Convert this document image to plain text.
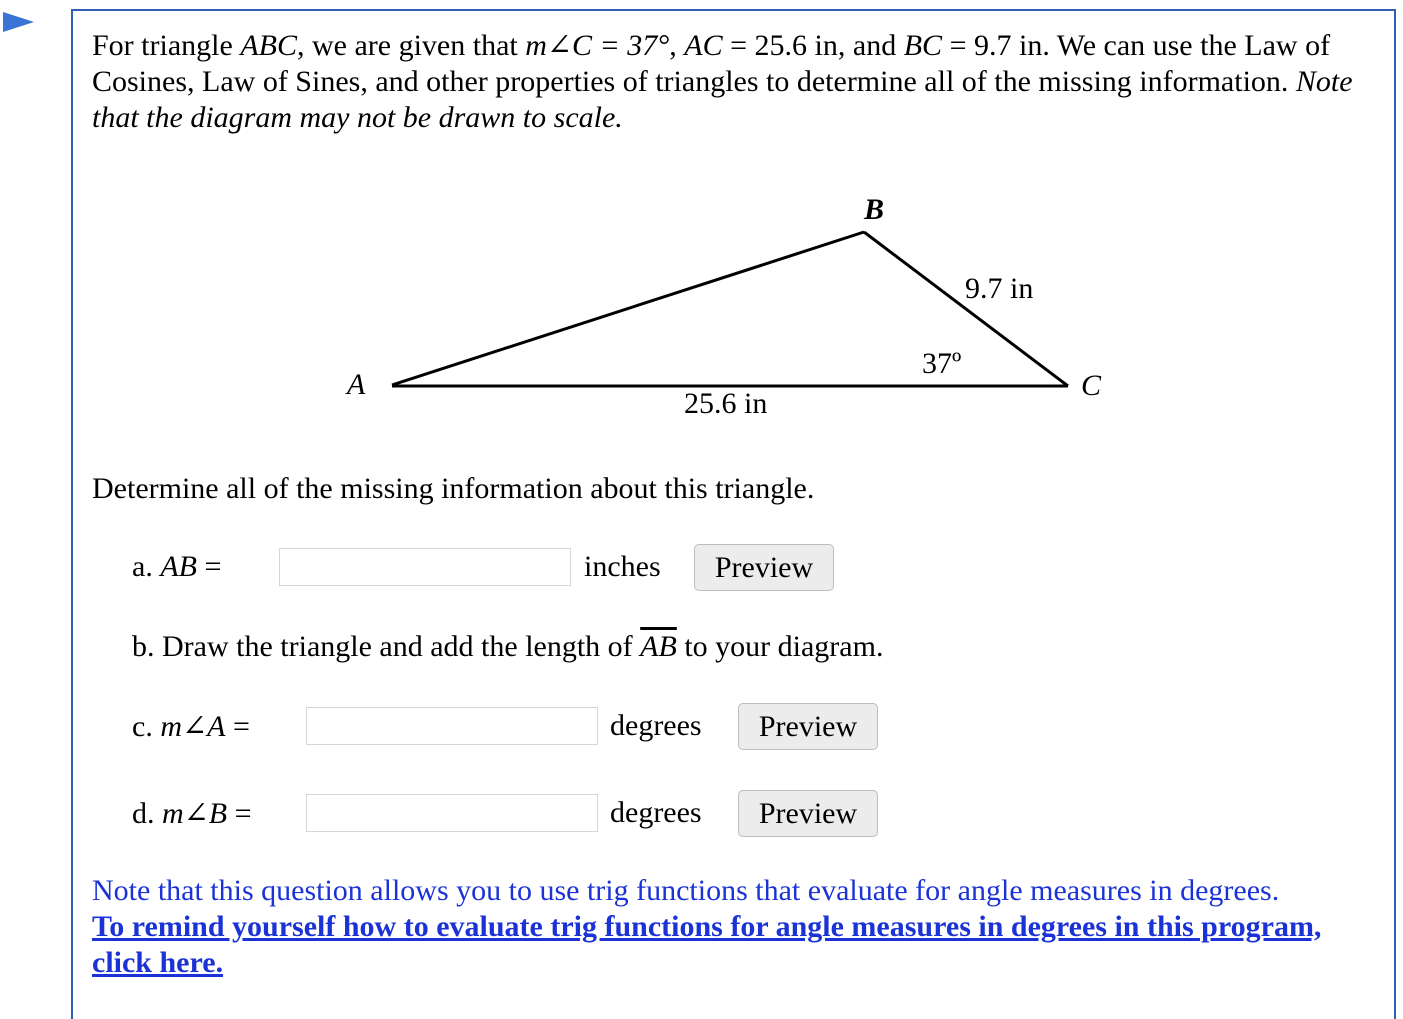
For triangle ABC, we are given that m∠C = 37°, AC = 25.6 in, and BC = 9.7 in. We can use the Law of Cosines, Law of Sines, and other properties of triangles to determine all of the missing information. Note that the diagram may not be drawn to scale.
A
B
C
9.7 in
25.6 in
37º
Determine all of the missing information about this triangle.
a. AB =	inches	Preview
b. Draw the triangle and add the length of $\overline{AB}$ to your diagram.
c. m∠A =	degrees	Preview
d. m∠B =	degrees	Preview
Note that this question allows you to use trig functions that evaluate for angle measures in degrees.
To remind yourself how to evaluate trig functions for angle measures in degrees in this program, click here.
